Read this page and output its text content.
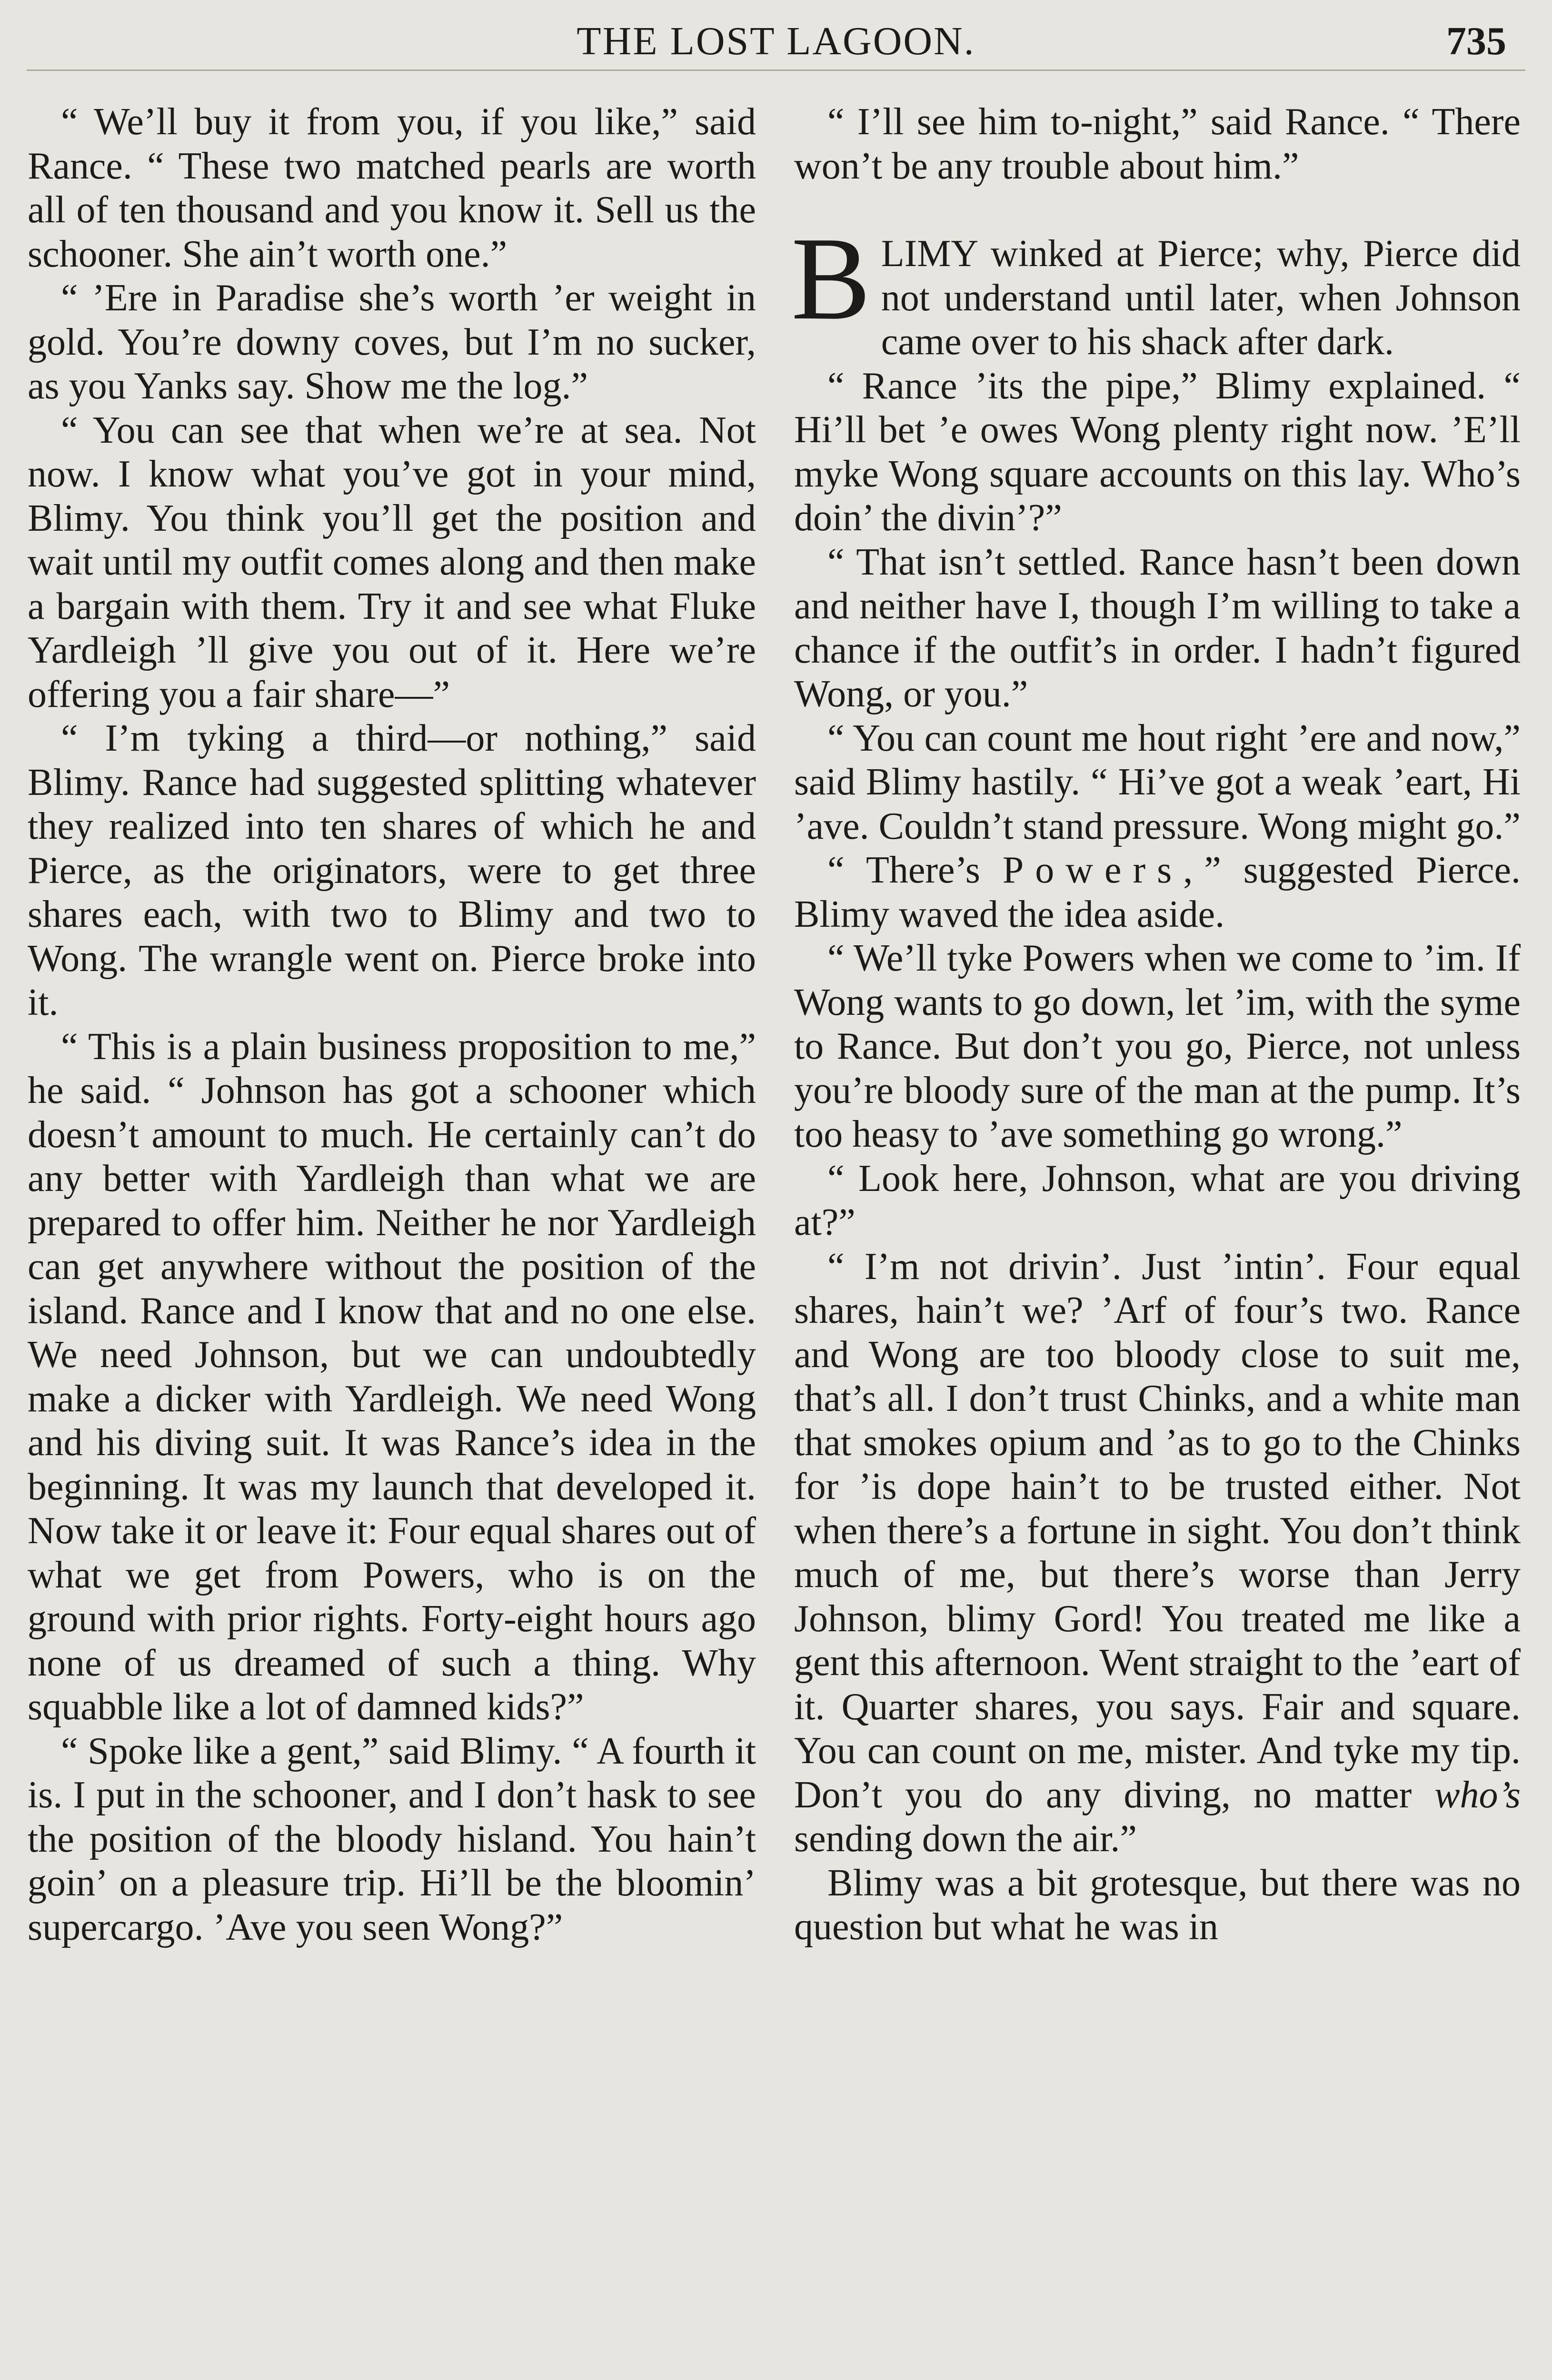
THE LOST LAGOON.	735

“ We’ll buy it from you, if you like,” said Rance. “ These two matched pearls are worth all of ten thousand and you know it. Sell us the schooner. She ain’t worth one.”

“ ’Ere in Paradise she’s worth ’er weight in gold. You’re downy coves, but I’m no sucker, as you Yanks say. Show me the log.”

“ You can see that when we’re at sea. Not now. I know what you’ve got in your mind, Blimy. You think you’ll get the position and wait until my outfit comes along and then make a bargain with them. Try it and see what Fluke Yardleigh ’ll give you out of it. Here we’re offering you a fair share—”

“ I’m tyking a third—or nothing,” said Blimy. Rance had suggested splitting whatever they realized into ten shares of which he and Pierce, as the originators, were to get three shares each, with two to Blimy and two to Wong. The wrangle went on. Pierce broke into it.

“ This is a plain business proposition to me,” he said. “ Johnson has got a schooner which doesn’t amount to much. He certainly can’t do any better with Yardleigh than what we are prepared to offer him. Neither he nor Yardleigh can get anywhere without the position of the island. Rance and I know that and no one else. We need Johnson, but we can undoubtedly make a dicker with Yardleigh. We need Wong and his diving suit. It was Rance’s idea in the beginning. It was my launch that developed it. Now take it or leave it: Four equal shares out of what we get from Powers, who is on the ground with prior rights. Forty-eight hours ago none of us dreamed of such a thing. Why squabble like a lot of damned kids?”

“ Spoke like a gent,” said Blimy. “ A fourth it is. I put in the schooner, and I don’t hask to see the position of the bloody hisland. You hain’t goin’ on a pleasure trip. Hi’ll be the bloomin’ supercargo. ’Ave you seen Wong?”

“ I’ll see him to-night,” said Rance. “ There won’t be any trouble about him.”

BLIMY winked at Pierce; why, Pierce did not understand until later, when Johnson came over to his shack after dark.

“ Rance ’its the pipe,” Blimy explained. “ Hi’ll bet ’e owes Wong plenty right now. ’E’ll myke Wong square accounts on this lay. Who’s doin’ the divin’?”

“ That isn’t settled. Rance hasn’t been down and neither have I, though I’m willing to take a chance if the outfit’s in order. I hadn’t figured Wong, or you.”

“ You can count me hout right ’ere and now,” said Blimy hastily. “ Hi’ve got a weak ’eart, Hi ’ave. Couldn’t stand pressure. Wong might go.”

“ There’s Powers,” suggested Pierce. Blimy waved the idea aside.

“ We’ll tyke Powers when we come to ’im. If Wong wants to go down, let ’im, with the syme to Rance. But don’t you go, Pierce, not unless you’re bloody sure of the man at the pump. It’s too heasy to ’ave something go wrong.”

“ Look here, Johnson, what are you driving at?”

“ I’m not drivin’. Just ’intin’. Four equal shares, hain’t we? ’Arf of four’s two. Rance and Wong are too bloody close to suit me, that’s all. I don’t trust Chinks, and a white man that smokes opium and ’as to go to the Chinks for ’is dope hain’t to be trusted either. Not when there’s a fortune in sight. You don’t think much of me, but there’s worse than Jerry Johnson, blimy Gord! You treated me like a gent this afternoon. Went straight to the ’eart of it. Quarter shares, you says. Fair and square. You can count on me, mister. And tyke my tip. Don’t you do any diving, no matter who’s sending down the air.”

Blimy was a bit grotesque, but there was no question but what he was in
